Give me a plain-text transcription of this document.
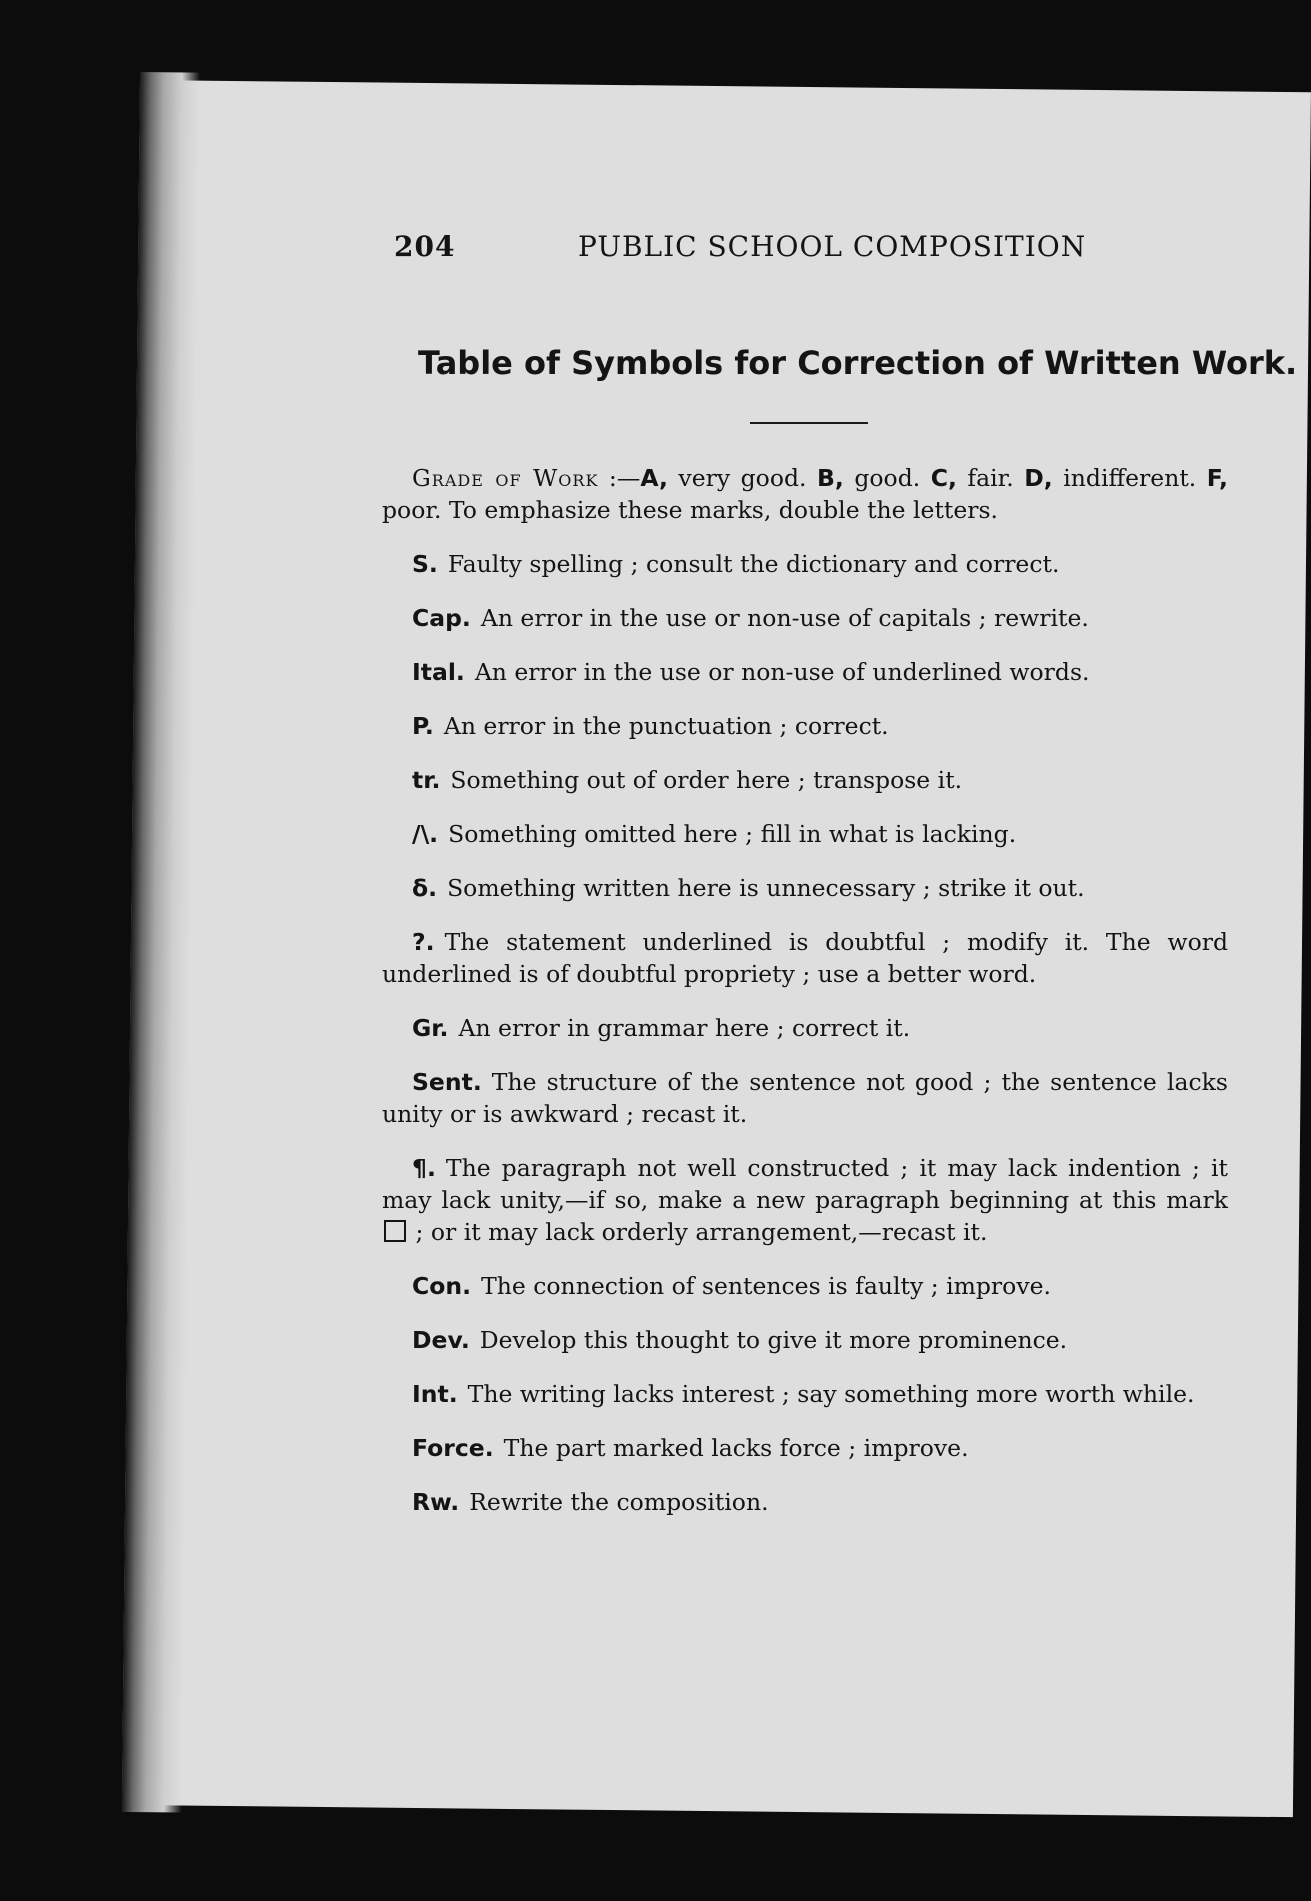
204	PUBLIC SCHOOL COMPOSITION
Table of Symbols for Correction of Written Work.

Grade of Work :—A, very good. B, good. C, fair. D, indifferent. F, poor. To emphasize these marks, double the letters.

S. Faulty spelling ; consult the dictionary and correct.

Cap. An error in the use or non-use of capitals ; rewrite.

Ital. An error in the use or non-use of underlined words.

P. An error in the punctuation ; correct.

tr. Something out of order here ; transpose it.

/\. Something omitted here ; fill in what is lacking.

δ. Something written here is unnecessary ; strike it out.

?. The statement underlined is doubtful ; modify it. The word underlined is of doubtful propriety ; use a better word.

Gr. An error in grammar here ; correct it.

Sent. The structure of the sentence not good ; the sentence lacks unity or is awkward ; recast it.

¶. The paragraph not well constructed ; it may lack indention ; it may lack unity,—if so, make a new paragraph beginning at this mark  ; or it may lack orderly arrangement,—recast it.

Con. The connection of sentences is faulty ; improve.

Dev. Develop this thought to give it more prominence.

Int. The writing lacks interest ; say something more worth while.

Force. The part marked lacks force ; improve.

Rw. Rewrite the composition.
